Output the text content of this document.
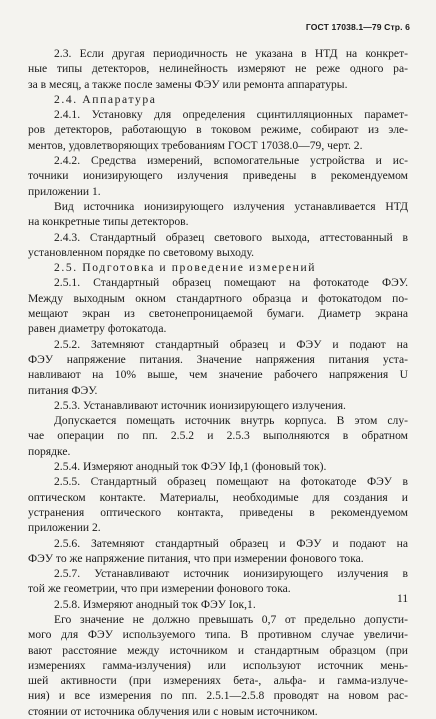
ГОСТ 17038.1—79 Стр. 6
2.3. Если другая периодичность не указана в НТД на конкрет-
ные типы детекторов, нелинейность измеряют не реже одного ра-
за в месяц, а также после замены ФЭУ или ремонта аппаратуры.
2.4. Аппаратура
2.4.1. Установку для определения сцинтилляционных парамет-
ров детекторов, работающую в токовом режиме, собирают из эле-
ментов, удовлетворяющих требованиям ГОСТ 17038.0—79, черт. 2.
2.4.2. Средства измерений, вспомогательные устройства и ис-
точники ионизирующего излучения приведены в рекомендуемом
приложении 1.
Вид источника ионизирующего излучения устанавливается НТД
на конкретные типы детекторов.
2.4.3. Стандартный образец светового выхода, аттестованный в
установленном порядке по световому выходу.
2.5. Подготовка и проведение измерений
2.5.1. Стандартный образец помещают на фотокатоде ФЭУ.
Между выходным окном стандартного образца и фотокатодом по-
мещают экран из светонепроницаемой бумаги. Диаметр экрана
равен диаметру фотокатода.
2.5.2. Затемняют стандартный образец и ФЭУ и подают на
ФЭУ напряжение питания. Значение напряжения питания уста-
навливают на 10% выше, чем значение рабочего напряжения U
питания ФЭУ.
2.5.3. Устанавливают источник ионизирующего излучения.
Допускается помещать источник внутрь корпуса. В этом слу-
чае операции по пп. 2.5.2 и 2.5.3 выполняются в обратном
порядке.
2.5.4. Измеряют анодный ток ФЭУ Iф,1 (фоновый ток).
2.5.5. Стандартный образец помещают на фотокатоде ФЭУ в
оптическом контакте. Материалы, необходимые для создания и
устранения оптического контакта, приведены в рекомендуемом
приложении 2.
2.5.6. Затемняют стандартный образец и ФЭУ и подают на
ФЭУ то же напряжение питания, что при измерении фонового тока.
2.5.7. Устанавливают источник ионизирующего излучения в
той же геометрии, что при измерении фонового тока.
2.5.8. Измеряют анодный ток ФЭУ Iок,1.
Его значение не должно превышать 0,7 от предельно допусти-
мого для ФЭУ используемого типа. В противном случае увеличи-
вают расстояние между источником и стандартным образцом (при
измерениях гамма-излучения) или используют источник мень-
шей активности (при измерениях бета-, альфа- и гамма-излуче-
ния) и все измерения по пп. 2.5.1—2.5.8 проводят на новом рас-
стоянии от источника облучения или с новым источником.
11
